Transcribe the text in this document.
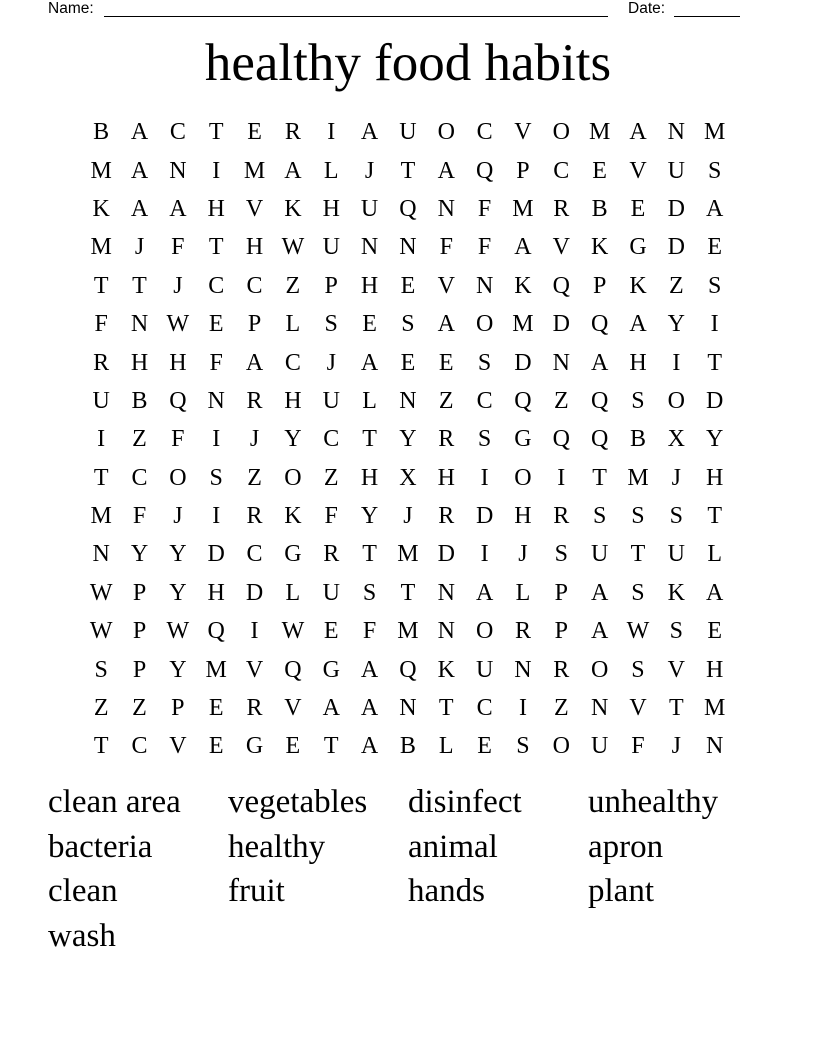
Name:	Date:
healthy food habits
B A C T E R	I	A U O C V O M A N M
M A N	I M A L	J	T A Q P C E V U S
K A A H V K H U Q N F M R B E D A
M J	F	T H W U N N F	F A V K G D E
T T	J	C C Z	P H E V N K Q P K Z	S
F N W E	P	L	S	E	S A O M D Q A Y	I
R H H F A C	J	A E E	S D N A H	I	T
U B Q N R H U L N Z C Q Z Q S O D
I	Z	F	I	J	Y C T Y R S G Q Q B X Y
T C O S	Z O Z H X H	I	O	I	T M J	H
M F	J	I	R K F Y	J	R D H R S	S	S	T
N Y Y D C G R T M D	I	J	S U T U L
W P Y H D L U S	T N A L	P A S K A
W P W Q	I W E	F M N O R P A W S	E
S	P Y M V Q G A Q K U N R O S V H
Z Z	P	E R V A A N T C	I	Z N V T M
T C V E G E T A B L E	S O U F	J	N
clean area	vegetables	disinfect	unhealthy
bacteria	healthy	animal	apron
clean	fruit	hands	plant
wash
